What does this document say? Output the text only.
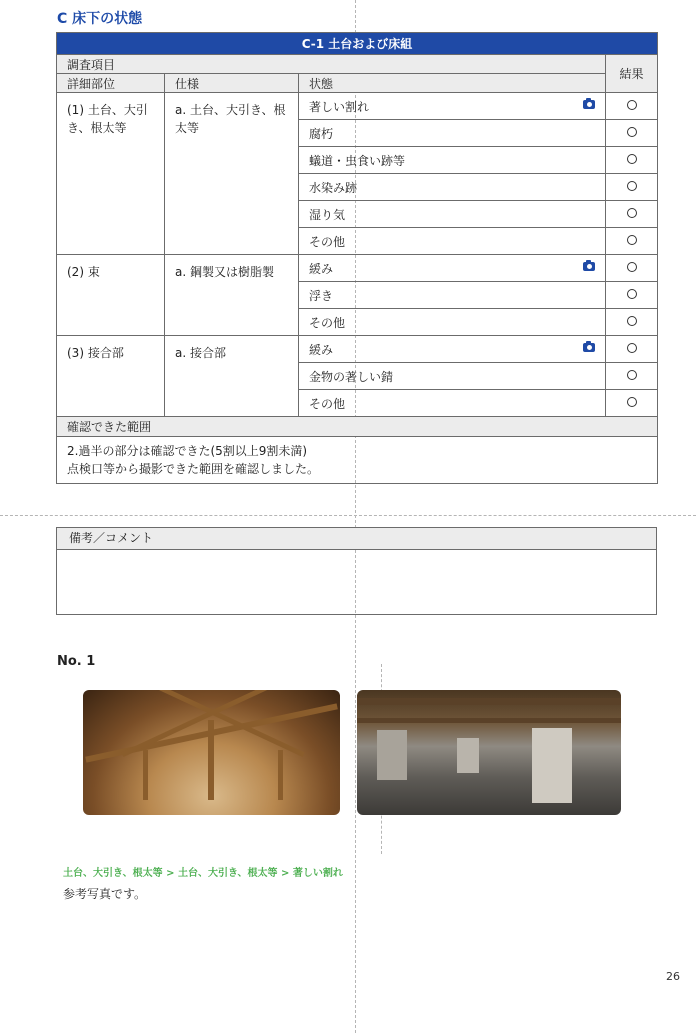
C 床下の状態
C-1 土台および床組			
調査項目			結果
詳細部位	仕様	状態	
(1) 土台、大引き、根太等	a. 土台、大引き、根太等	著しい割れ

		腐朽	
		蟻道・虫食い跡等	
		水染み跡	
		湿り気	
		その他	
(2) 束	a. 鋼製又は樹脂製	緩み

		浮き	
		その他	
(3) 接合部	a. 接合部	緩み

		金物の著しい錆	
		その他	
確認できた範囲			

2.過半の部分は確認できた(5割以上9割未満)
点検口等から撮影できた範囲を確認しました。			
備考／コメント
No. 1
土台、大引き、根太等 > 土台、大引き、根太等 > 著しい割れ
参考写真です。
26
